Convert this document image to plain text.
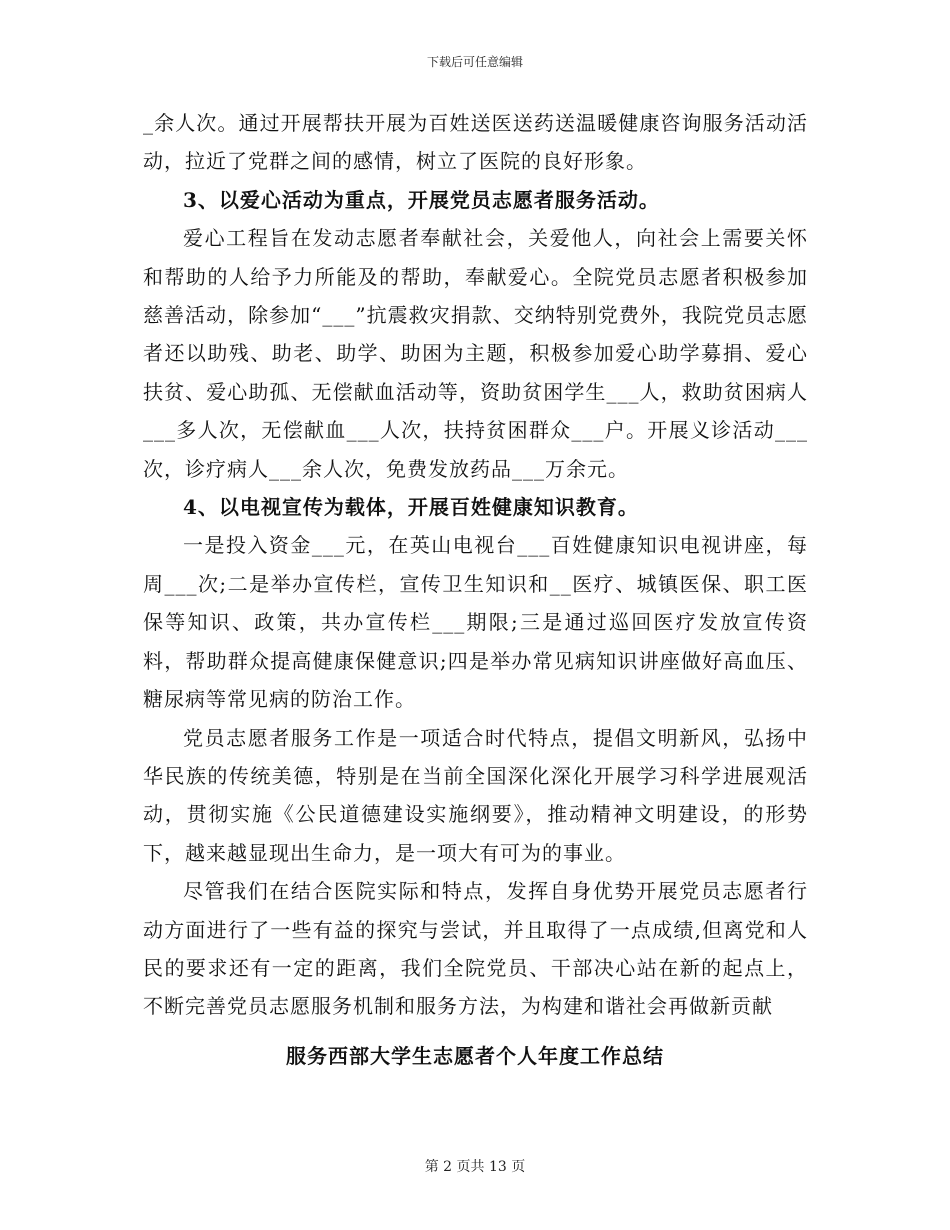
下载后可任意编辑

_余人次。通过开展帮扶开展为百姓送医送药送温暖健康咨询服务活动活动，拉近了党群之间的感情，树立了医院的良好形象。

3、以爱心活动为重点，开展党员志愿者服务活动。

爱心工程旨在发动志愿者奉献社会，关爱他人，向社会上需要关怀和帮助的人给予力所能及的帮助，奉献爱心。全院党员志愿者积极参加慈善活动，除参加“___”抗震救灾捐款、交纳特别党费外，我院党员志愿者还以助残、助老、助学、助困为主题，积极参加爱心助学募捐、爱心扶贫、爱心助孤、无偿献血活动等，资助贫困学生___人，救助贫困病人___多人次，无偿献血___人次，扶持贫困群众___户。开展义诊活动___次，诊疗病人___余人次，免费发放药品___万余元。

4、以电视宣传为载体，开展百姓健康知识教育。

一是投入资金___元，在英山电视台___百姓健康知识电视讲座，每周___次;二是举办宣传栏，宣传卫生知识和__医疗、城镇医保、职工医保等知识、政策，共办宣传栏___期限;三是通过巡回医疗发放宣传资料，帮助群众提高健康保健意识;四是举办常见病知识讲座做好高血压、糖尿病等常见病的防治工作。

党员志愿者服务工作是一项适合时代特点，提倡文明新风，弘扬中华民族的传统美德，特别是在当前全国深化深化开展学习科学进展观活动，贯彻实施《公民道德建设实施纲要》，推动精神文明建设，的形势下，越来越显现出生命力，是一项大有可为的事业。

尽管我们在结合医院实际和特点，发挥自身优势开展党员志愿者行动方面进行了一些有益的探究与尝试，并且取得了一点成绩,但离党和人民的要求还有一定的距离，我们全院党员、干部决心站在新的起点上，不断完善党员志愿服务机制和服务方法，为构建和谐社会再做新贡献

服务西部大学生志愿者个人年度工作总结
第 2 页共 13 页
